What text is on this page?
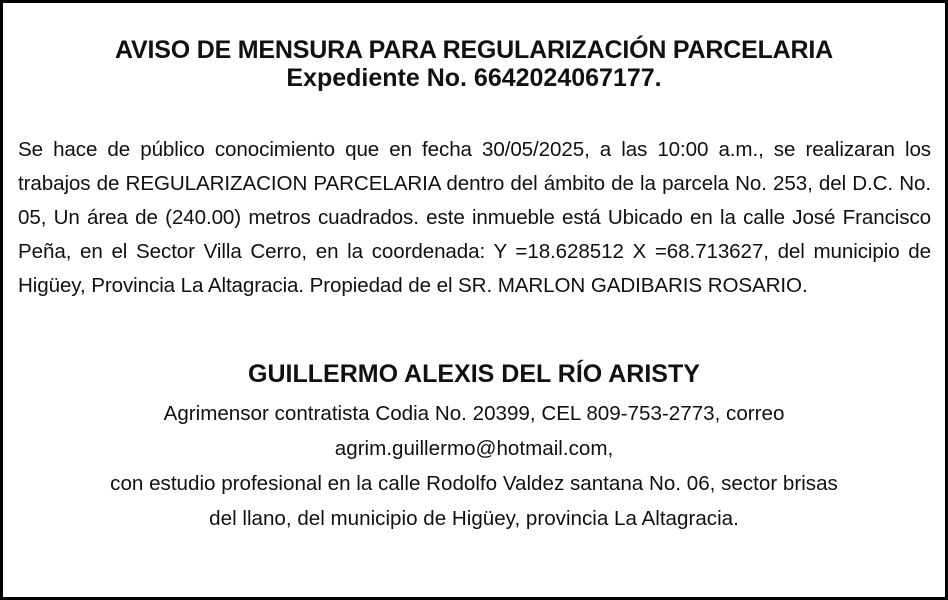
AVISO DE MENSURA PARA REGULARIZACIÓN PARCELARIA
Expediente No. 6642024067177.

Se hace de público conocimiento que en fecha 30/05/2025, a las 10:00 a.m., se realizaran los trabajos de REGULARIZACION PARCELARIA dentro del ámbito de la parcela No. 253, del D.C. No. 05, Un área de (240.00) metros cuadrados. este inmueble está Ubicado en la calle José Francisco Peña, en el Sector Villa Cerro, en la coordenada: Y =18.628512 X =68.713627, del municipio de Higüey, Provincia La Altagracia. Propiedad de el SR. MARLON GADIBARIS ROSARIO.

GUILLERMO ALEXIS DEL RÍO ARISTY

Agrimensor contratista Codia No. 20399, CEL 809-753-2773, correo
agrim.guillermo@hotmail.com,
con estudio profesional en la calle Rodolfo Valdez santana No. 06, sector brisas
del llano, del municipio de Higüey, provincia La Altagracia.
